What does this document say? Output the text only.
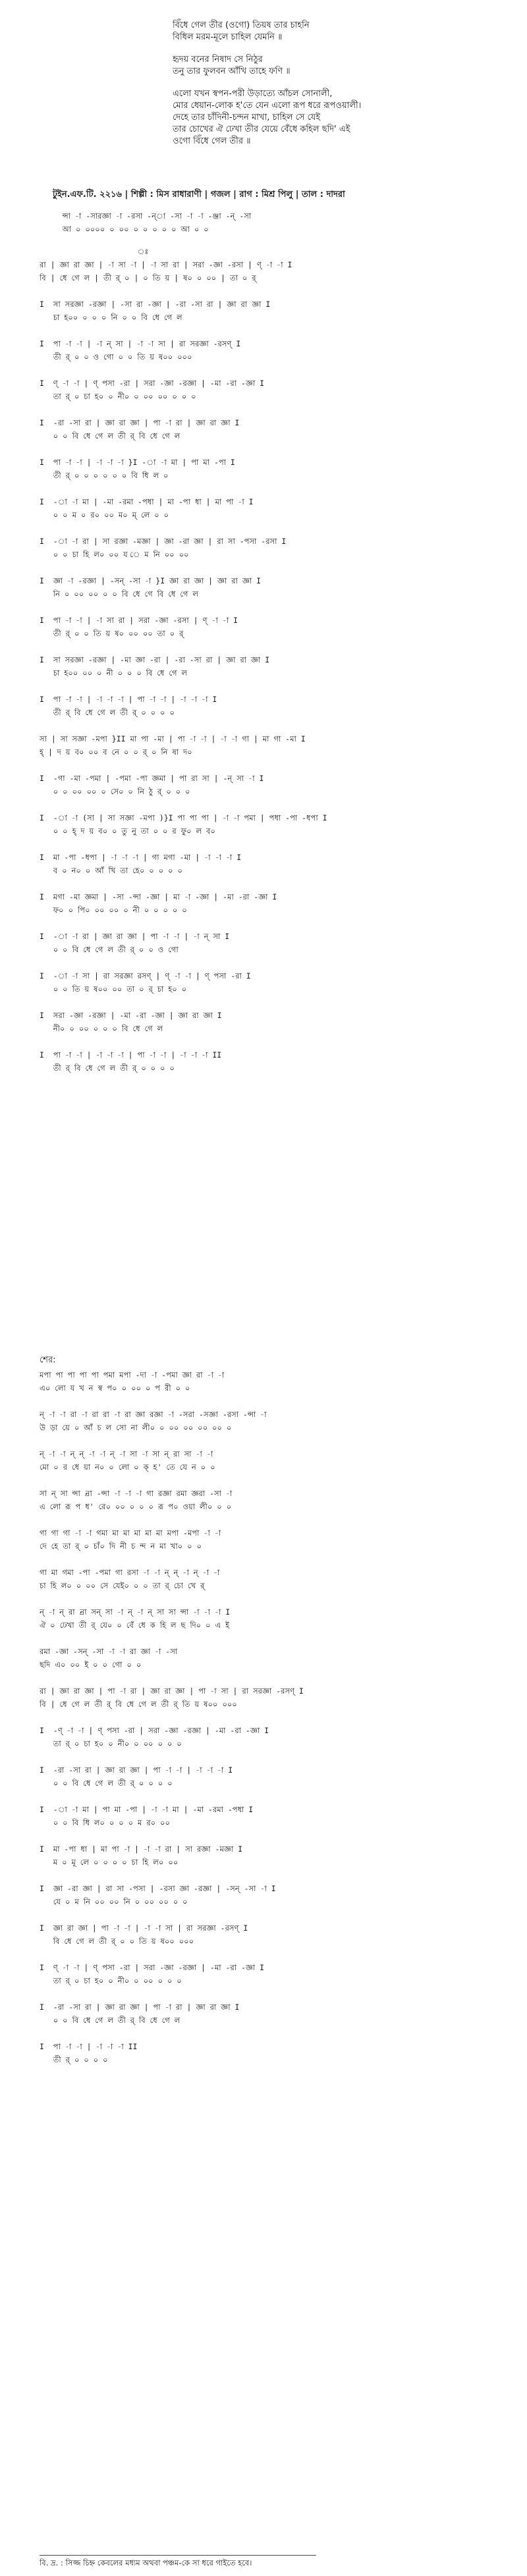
বিঁধে গেল তীর (ওগো) তিয়ষ তার চাহনি
বিধিল মরম-মূলে চাহিল যেমনি ॥
হৃদয় বনের নিষাদ সে নিঠুর
তনু তার ফুলবন আঁখি তাহে ফণি ॥
এলো যখন স্বপন-পরী উড়াত্যে আঁচল সোনালী,
মোর ধেয়ান-লোক হ'তে যেন এলো রূপ ধরে রূপওয়ালী।
দেহে তার চাঁদিনী-চন্দন মাখা, চাহিল সে যেই
তার চোখের ঐ ঢেখা তীর যেয়ে বেঁধে কহিল ছদি' এই
ওগো বিঁধে গেল তীর ॥
টুইন.এফ.টি. ২২১৬ | শিল্পী : মিস রাধারাণী | গজল | রাগ : মিশ্র পিলু | তাল : দাদরা
ন্সা -া -সারজ্ঞা -া -রসা -ন্া -সা -া -া -ঞ্জা -ন্ -সা
আ ০ ০০০০ ০ ০০ ০ ০ ০ ০ ০ আ ০ ০
ঃ
রা | জ্ঞা রা জ্ঞা | -া সা -া | -া সা রা | সরা -জ্ঞা -রসা | ণ্ -া -া I
বি | ধে গে ল | তী র্ ০ | ০ তি য় | ষ০ ০ ০০ | তা ০ র্
I  সা সরজ্ঞা -রজ্ঞা | -সা রা -জ্ঞা | -রা -সা রা | জ্ঞা রা জ্ঞা I
চা হ০০ ০ ০ ০ নি ০ ০ বি ধে গে ল
I  পা -া -া | -া ন্ সা | -া -া সা | রা সরজ্ঞা -রসণ্ I
তী র্ ০ ০ ও গো ০ ০ তি য় ষ০০ ০০০
I  ণ্ -া -া | ণ্ পসা -রা | সরা -জ্ঞা -রজ্ঞা | -মা -রা -জ্ঞা I
তা র্ ০ চা হ০ ০ নী০ ০ ০০ ০০ ০ ০ ০
I  -রা -সা রা | জ্ঞা রা জ্ঞা | পা -া রা | জ্ঞা রা জ্ঞা I
০ ০ বি ধে গে ল তী র্ বি ধে গে ল
I  পা -া -া | -া -া -া }I -া -া মা | পা মা -পা I
তী র্ ০ ০ ০ ০ ০ ০ বি ধি ল ০
I  -া -া মা | -মা -রমা -পধা | মা -পা ধা | মা পা -া I
০ ০ ম ০ র০ ০০ ম০ ম্ লে ০ ০
I  -া -া রা | সা রজ্ঞা -মজ্ঞা | জ্ঞা -রা জ্ঞা | রা সা -পসা -রসা I
০ ০ চা হি ল০ ০০ য ে ম নি ০০ ০০
I  জ্ঞা -া -রজ্ঞা | -সন্ -সা -া }I জ্ঞা রা জ্ঞা | জ্ঞা রা জ্ঞা I
নি ০ ০০ ০০ ০ ০ বি ধে গে বি ধে গে ল
I  পা -া -া | -া সা রা | সরা -জ্ঞা -রসা | ণ্ -া -া I
তী র্ ০ ০ তি য় ষ০ ০০ ০০ তা ০ র্
I  সা সরজ্ঞা -রজ্ঞা | -মা জ্ঞা -রা | -রা -সা রা | জ্ঞা রা জ্ঞা I
চা হ০০ ০০ ০ নী ০ ০ ০ বি ধে গে ল
I  পা -া -া | -া -া -া | পা -া -া | -া -া -া I
তী র্ বি ধে গে ল তী র্ ০ ০ ০ ০
সা | সা সজ্ঞা -মপা }II মা পা -মা | পা -া -া | -া -া গা | মা গা -মা I
হ্ | দ য় ব০ ০০ ব নে ০ ০ র্ ০ নি ষা দ০
I  -গা -মা -পমা | -পমা -পা জ্ঞমা | পা রা সা | -ন্ সা -া I
০ ০ ০০ ০০ ০ সে০ ০ নি ঠু র্ ০ ০ ০
I  -া -া (সা | সা সজ্ঞা -মপা )}I পা পা পা | -া -া পমা | পধা -পা -ধপা I
০ ০ হ্ দ য় ব০ ০ তু নু তা ০ ০ র ফু০ ল ব০
I  মা -পা -ধপা | -া -া -া | গা মগা -মা | -া -া -া I
ব ০ ন০ ০ আঁ খি তা হে০ ০ ০ ০ ০
I  মগা -মা জ্ঞমা | -সা -ন্সা -জ্ঞা | মা -া -জ্ঞা | -মা -রা -জ্ঞা I
ফ০ ০ পি০ ০০ ০০ ০ নী ০ ০ ০ ০ ০
I  -া -া রা | জ্ঞা রা জ্ঞা | পা -া -া | -া ন্ সা I
০ ০ বি ধে গে ল তী র্ ০ ০ ও গো
I  -া -া সা | রা সরজ্ঞা রসণ্ | ণ্ -া -া | ণ্ পসা -রা I
০ ০ তি য় ষ০০ ০০ তা ০ র্ চা হ০ ০
I  সরা -জ্ঞা -রজ্ঞা | -মা -রা -জ্ঞা | জ্ঞা রা জ্ঞা I
নী০ ০ ০০ ০ ০ ০ বি ধে গে ল
I  পা -া -া | -া -া -া | পা -া -া | -া -া -া II
তী র্ বি ধে গে ল তী র্ ০ ০ ০ ০
শের:
মপা পা পা পা পা পমা মপা -দা -া -পমা জ্ঞা রা -া -া
এ০ লো য খ ন স্ব প০ ০ ০০ ০ প রী ০ ০
ন্ -া -া রা -া রা রা -া রা জ্ঞা রজ্ঞা -া -সরা -সজ্ঞা -রসা -ন্সা -া
উ ড়া য়ে ০ আঁ চ ল সো না লী০ ০ ০০ ০০ ০০ ০০ ০
ন্ -া -া ন্ ন্ -া -া ন্ -া সা -া সা ন্ রা সা -া -া
মো ০ র ধে য়া ন০ ০ লো ০ ক্ হ' তে যে ন ০ ০
সা ন্ সা ন্সা ন্রা -ন্সা -া -া -া গা রজ্ঞা রমা জ্ঞরা -সা -া
এ লো রূ প ধ' রে০ ০০ ০ ০ ০ রূ প০ ওয়া লী০ ০ ০
গা গা গা -া -া গমা মা মা মা মা মা মপা -মপা -া -া
দে হে তা র্ ০ চাঁ০ দি নী চ ন্দ ন মা খা০ ০ ০
গা মা গমা -পা -পমা গা রসা -া -া ন্ ন্ -া ন্ -া -া
চা হি ল০ ০ ০০ সে যেই০ ০ ০ তা র্ চো খে র্
ন্ -া ন্ রা ন্রা সন্ সা -া ন্ -া ন্ সা সা ন্সা -া -া -া I
ঐ ০ ঢেখা তী র্ যে০ ০ বেঁ ধে ক হি ল ছ দি০ ০ এ ই
রমা -জ্ঞা -সন্ -সা -া -া রা জ্ঞা -া -সা
ছদি এ০ ০০ ই ০ ০ গো ০ ০
রা | জ্ঞা রা জ্ঞা | পা -া রা | জ্ঞা রা জ্ঞা | পা -া সা | রা সরজ্ঞা -রসণ্ I
বি | ধে গে ল তী র্ বি ধে গে ল তী র্ তি য় ষ০০ ০০০
I  -ণ্ -া -া | ণ্ পসা -রা | সরা -জ্ঞা -রজ্ঞা | -মা -রা -জ্ঞা I
তা র্ ০ চা হ০ ০ নী০ ০ ০০ ০ ০ ০
I  -রা -সা রা | জ্ঞা রা জ্ঞা | পা -া -া | -া -া -া I
০ ০ বি ধে গে ল তী র্ ০ ০ ০ ০
I  -া -া মা | পা মা -পা | -া -া মা | -মা -রমা -পধা I
০ ০ বি ধি ল০ ০ ০ ০ ম র০ ০০
I  মা -পা ধা | মা পা -া | -া -া রা | সা রজ্ঞা -মজ্ঞা I
ম ০ মূ লে ০ ০ ০ ০ চা হি ল০ ০০
I  জ্ঞা -রা জ্ঞা | রা সা -পসা | -রসা জ্ঞা -রজ্ঞা | -সন্ -সা -া I
যে ০ ম নি ০০ ০০ নি ০ ০০ ০০ ০ ০
I  জ্ঞা রা জ্ঞা | পা -া -া | -া -া সা | রা সরজ্ঞা -রসণ্ I
বি ধে গে ল তী র্ ০ ০ তি য় ষ০০ ০০০
I  ণ্ -া -া | ণ্ পসা -রা | সরা -জ্ঞা -রজ্ঞা | -মা -রা -জ্ঞা I
তা র্ ০ চা হ০ ০ নী০ ০ ০০ ০ ০ ০
I  -রা -সা রা | জ্ঞা রা জ্ঞা | পা -া রা | জ্ঞা রা জ্ঞা I
০ ০ বি ধে গে ল তী র্ বি ধে গে ল
I  পা -া -া | -া -া -া II
তী র্ ০ ০ ০ ০
বি. দ্র. : সিজ্জ চিহ্ন কেবলের মধ্যম অথবা পঞ্চম-কে সা ধরে গাইতে হবে।
